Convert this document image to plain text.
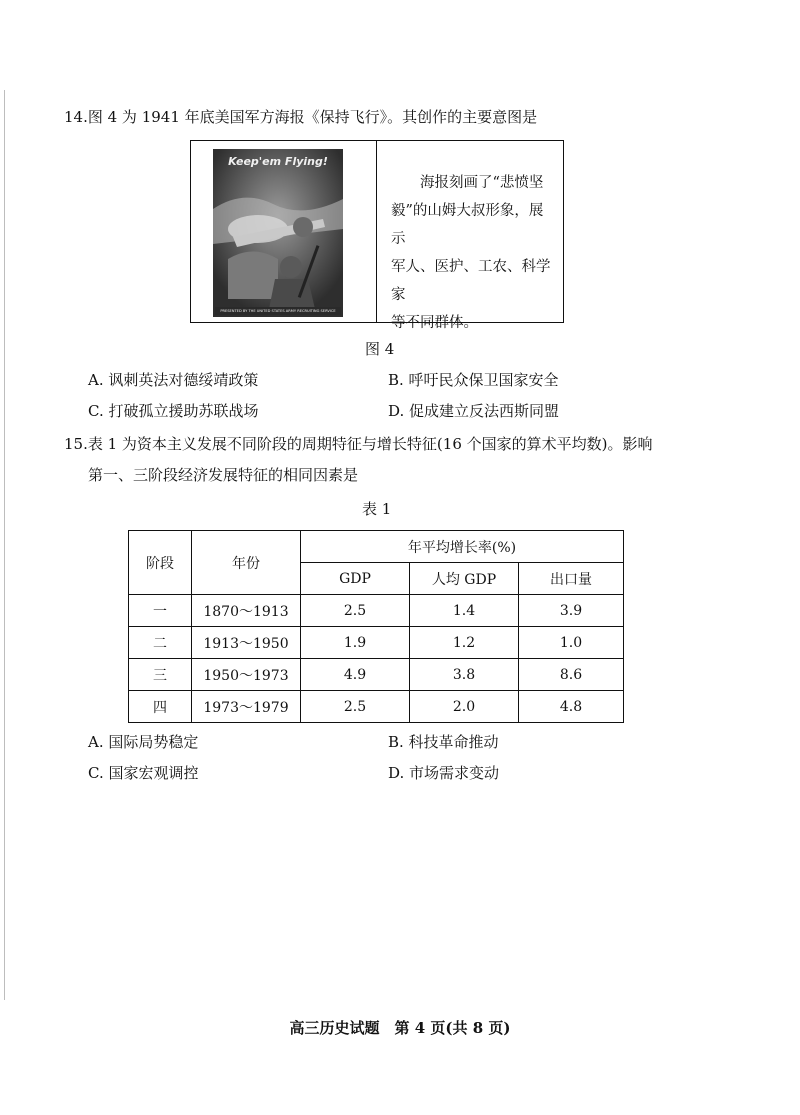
14.图 4 为 1941 年底美国军方海报《保持飞行》。其创作的主要意图是
Keep'em Flying!
PRESENTED BY THE UNITED STATES ARMY RECRUITING SERVICE
海报刻画了“悲愤坚
毅”的山姆大叔形象，展示
军人、医护、工农、科学家
等不同群体。
图 4
A. 讽刺英法对德绥靖政策	B. 呼吁民众保卫国家安全
C. 打破孤立援助苏联战场	D. 促成建立反法西斯同盟
15.表 1 为资本主义发展不同阶段的周期特征与增长特征(16 个国家的算术平均数)。影响
第一、三阶段经济发展特征的相同因素是
表 1
阶段	年份	年平均增长率(%)		
		GDP	人均 GDP	出口量
一	1870～1913	2.5	1.4	3.9
二	1913～1950	1.9	1.2	1.0
三	1950～1973	4.9	3.8	8.6
四	1973～1979	2.5	2.0	4.8
A. 国际局势稳定	B. 科技革命推动
C. 国家宏观调控	D. 市场需求变动
高三历史试题　第 4 页(共 8 页)
